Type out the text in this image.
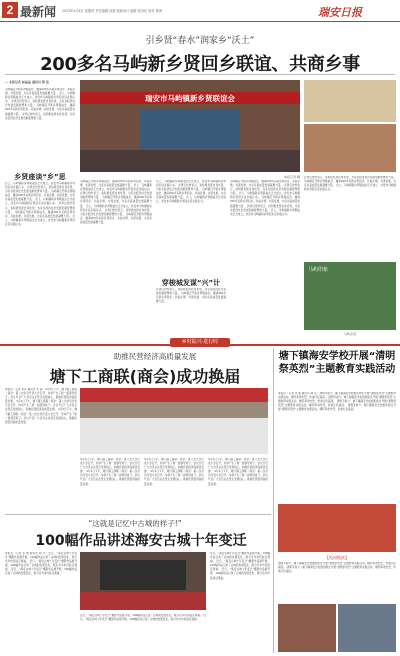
2 最新闻 2023年4月6日 星期四 责任编辑 邱嘉 版面设计 编辑 张诗仪 校对 林涛	瑞安日报
引乡贤“春水”润家乡“沃土”
200多名马屿新乡贤回乡联谊、共商乡事
□ 本报记者 林晶晶 通讯员 陈 佳
马屿镇召开新乡贤联谊会，邀请200多名新乡贤回乡，共叙乡情，共谋发展，为家乡高质量发展凝聚力量。 会上，马屿镇新乡贤联谊会正式成立，并发布马屿镇新乡贤回乡返乡倡议书。 乡贤们纷纷表示，将积极发挥自身优势，为家乡经济社会发展贡献智慧和力量。 马屿镇召开新乡贤联谊会，邀请200多名新乡贤回乡，共叙乡情，共谋发展，为家乡高质量发展凝聚力量。 乡贤们纷纷表示，将积极发挥自身优势，为家乡经济社会发展贡献智慧和力量。
乡贤座谈“乡”思
会上，马屿镇新乡贤联谊会正式成立，并发布马屿镇新乡贤回乡返乡倡议书。 乡贤们纷纷表示，将积极发挥自身优势，为家乡经济社会发展贡献智慧和力量。 马屿镇召开新乡贤联谊会，邀请200多名新乡贤回乡，共叙乡情，共谋发展，为家乡高质量发展凝聚力量。 会上，马屿镇新乡贤联谊会正式成立，并发布马屿镇新乡贤回乡返乡倡议书。 乡贤们纷纷表示，将积极发挥自身优势，为家乡经济社会发展贡献智慧和力量。 马屿镇召开新乡贤联谊会，邀请200多名新乡贤回乡，共叙乡情，共谋发展，为家乡高质量发展凝聚力量。 会上，马屿镇新乡贤联谊会正式成立，并发布马屿镇新乡贤回乡返乡倡议书。
瑞安市马屿镇新乡贤联谊会
本报记者 摄 乡贤们纷纷表示，将积极发挥自身优势，为家乡经济社会发展贡献智慧和力量。 马屿镇召开新乡贤联谊会，邀请200多名新乡贤回乡，共叙乡情，共谋发展，为家乡高质量发展凝聚力量。 会上，马屿镇新乡贤联谊会正式成立，并发布马屿镇新乡贤回乡返乡倡议书。
马屿印象
马屿全景
马屿镇召开新乡贤联谊会，邀请200多名新乡贤回乡，共叙乡情，共谋发展，为家乡高质量发展凝聚力量。 会上，马屿镇新乡贤联谊会正式成立，并发布马屿镇新乡贤回乡返乡倡议书。 乡贤们纷纷表示，将积极发挥自身优势，为家乡经济社会发展贡献智慧和力量。 马屿镇召开新乡贤联谊会，邀请200多名新乡贤回乡，共叙乡情，共谋发展，为家乡高质量发展凝聚力量。 会上，马屿镇新乡贤联谊会正式成立，并发布马屿镇新乡贤回乡返乡倡议书。 乡贤们纷纷表示，将积极发挥自身优势，为家乡经济社会发展贡献智慧和力量。 马屿镇召开新乡贤联谊会，邀请200多名新乡贤回乡，共叙乡情，共谋发展，为家乡高质量发展凝聚力量。
会上，马屿镇新乡贤联谊会正式成立，并发布马屿镇新乡贤回乡返乡倡议书。 乡贤们纷纷表示，将积极发挥自身优势，为家乡经济社会发展贡献智慧和力量。 马屿镇召开新乡贤联谊会，邀请200多名新乡贤回乡，共叙乡情，共谋发展，为家乡高质量发展凝聚力量。 会上，马屿镇新乡贤联谊会正式成立，并发布马屿镇新乡贤回乡返乡倡议书。
穿梭城发谋“兴”计
乡贤们纷纷表示，将积极发挥自身优势，为家乡经济社会发展贡献智慧和力量。 马屿镇召开新乡贤联谊会，邀请200多名新乡贤回乡，共叙乡情，共谋发展，为家乡高质量发展凝聚力量。
马屿镇召开新乡贤联谊会，邀请200多名新乡贤回乡，共叙乡情，共谋发展，为家乡高质量发展凝聚力量。 乡贤们纷纷表示，将积极发挥自身优势，为家乡经济社会发展贡献智慧和力量。 会上，马屿镇新乡贤联谊会正式成立，并发布马屿镇新乡贤回乡返乡倡议书。 马屿镇召开新乡贤联谊会，邀请200多名新乡贤回乡，共叙乡情，共谋发展，为家乡高质量发展凝聚力量。 乡贤们纷纷表示，将积极发挥自身优势，为家乡经济社会发展贡献智慧和力量。 会上，马屿镇新乡贤联谊会正式成立，并发布马屿镇新乡贤回乡返乡倡议书。
乡村振兴·进行时
助推民营经济高质量发展
塘下工商联(商会)成功换届
本报讯（记者 李泽 通讯员 叶 斌）4月4日下午，塘下镇工商联（商会）第八次会员代表大会召开，选举产生了新一届领导班子。会议号召广大会员企业坚定发展信心，助推民营经济高质量发展。 4月4日下午，塘下镇工商联（商会）第八次会员代表大会召开，选举产生了新一届领导班子。会议号召广大会员企业坚定发展信心，助推民营经济高质量发展。 4月4日下午，塘下镇工商联（商会）第八次会员代表大会召开，选举产生了新一届领导班子。会议号召广大会员企业坚定发展信心，助推民营经济高质量发展。
4月4日下午，塘下镇工商联（商会）第八次会员代表大会召开，选举产生了新一届领导班子。会议号召广大会员企业坚定发展信心，助推民营经济高质量发展。 4月4日下午，塘下镇工商联（商会）第八次会员代表大会召开，选举产生了新一届领导班子。会议号召广大会员企业坚定发展信心，助推民营经济高质量发展。
4月4日下午，塘下镇工商联（商会）第八次会员代表大会召开，选举产生了新一届领导班子。会议号召广大会员企业坚定发展信心，助推民营经济高质量发展。 4月4日下午，塘下镇工商联（商会）第八次会员代表大会召开，选举产生了新一届领导班子。会议号召广大会员企业坚定发展信心，助推民营经济高质量发展。
4月4日下午，塘下镇工商联（商会）第八次会员代表大会召开，选举产生了新一届领导班子。会议号召广大会员企业坚定发展信心，助推民营经济高质量发展。 4月4日下午，塘下镇工商联（商会）第八次会员代表大会召开，选举产生了新一届领导班子。会议号召广大会员企业坚定发展信心，助推民营经济高质量发展。
塘下镇海安学校开展“清明祭英烈”主题教育实践活动
本报讯（记者 朱 建 通讯员 林 岳）清明节前夕，塘下镇海安学校组织师生开展“清明祭英烈”主题教育实践活动，缅怀革命先烈，传承红色基因。 清明节前夕，塘下镇海安学校组织师生开展“清明祭英烈”主题教育实践活动，缅怀革命先烈，传承红色基因。 清明节前夕，塘下镇海安学校组织师生开展“清明祭英烈”主题教育实践活动，缅怀革命先烈，传承红色基因。 清明节前夕，塘下镇海安学校组织师生开展“清明祭英烈”主题教育实践活动，缅怀革命先烈，传承红色基因。
【校园链接】
清明节前夕，塘下镇海安学校组织师生开展“清明祭英烈”主题教育实践活动，缅怀革命先烈，传承红色基因。 清明节前夕，塘下镇海安学校组织师生开展“清明祭英烈”主题教育实践活动，缅怀革命先烈，传承红色基因。
“这就是记忆中古城的样子!”
100幅作品讲述海安古城十年变迁
本报讯（记者 李 明 通讯员 陈 平）近日，“海安古城十年变迁”摄影作品展开展，100幅作品记录了古城的发展变化，吸引众多市民驻足观看。 近日，“海安古城十年变迁”摄影作品展开展，100幅作品记录了古城的发展变化，吸引众多市民驻足观看。 近日，“海安古城十年变迁”摄影作品展开展，100幅作品记录了古城的发展变化，吸引众多市民驻足观看。
近日，“海安古城十年变迁”摄影作品展开展，100幅作品记录了古城的发展变化，吸引众多市民驻足观看。 近日，“海安古城十年变迁”摄影作品展开展，100幅作品记录了古城的发展变化，吸引众多市民驻足观看。
近日，“海安古城十年变迁”摄影作品展开展，100幅作品记录了古城的发展变化，吸引众多市民驻足观看。 近日，“海安古城十年变迁”摄影作品展开展，100幅作品记录了古城的发展变化，吸引众多市民驻足观看。 近日，“海安古城十年变迁”摄影作品展开展，100幅作品记录了古城的发展变化，吸引众多市民驻足观看。
